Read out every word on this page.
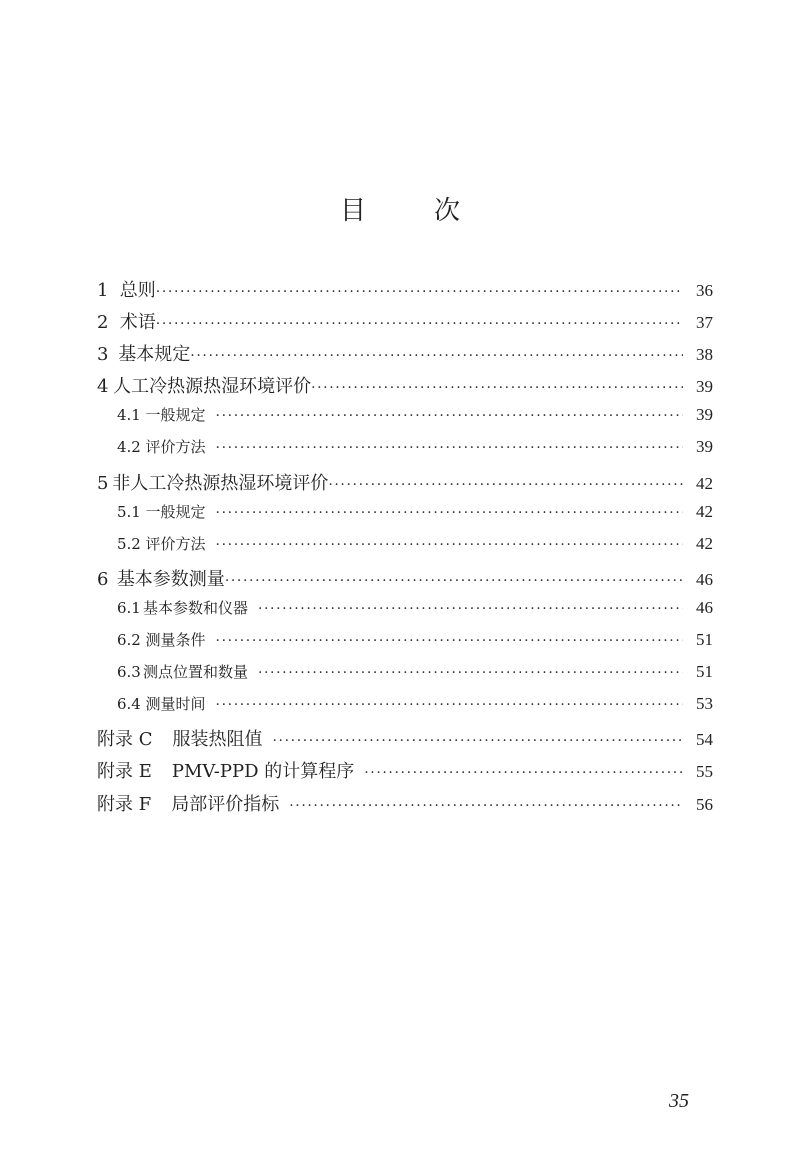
目	次
1 总则 ·····	36
2 术语 ·····	37
3 基本规定 ·····	38
4 人工冷热源热湿环境评价 ·····	39
4.1 一般规定 ·····	39
4.2 评价方法 ·····	39
5 非人工冷热源热湿环境评价 ·····	42
5.1 一般规定 ·····	42
5.2 评价方法 ·····	42
6 基本参数测量 ·····	46
6.1 基本参数和仪器 ·····	46
6.2 测量条件 ·····	51
6.3 测点位置和数量 ·····	51
6.4 测量时间 ·····	53
附录 C 服装热阻值 ·····	54
附录 E PMV-PPD 的计算程序 ·····	55
附录 F 局部评价指标 ·····	56
35
